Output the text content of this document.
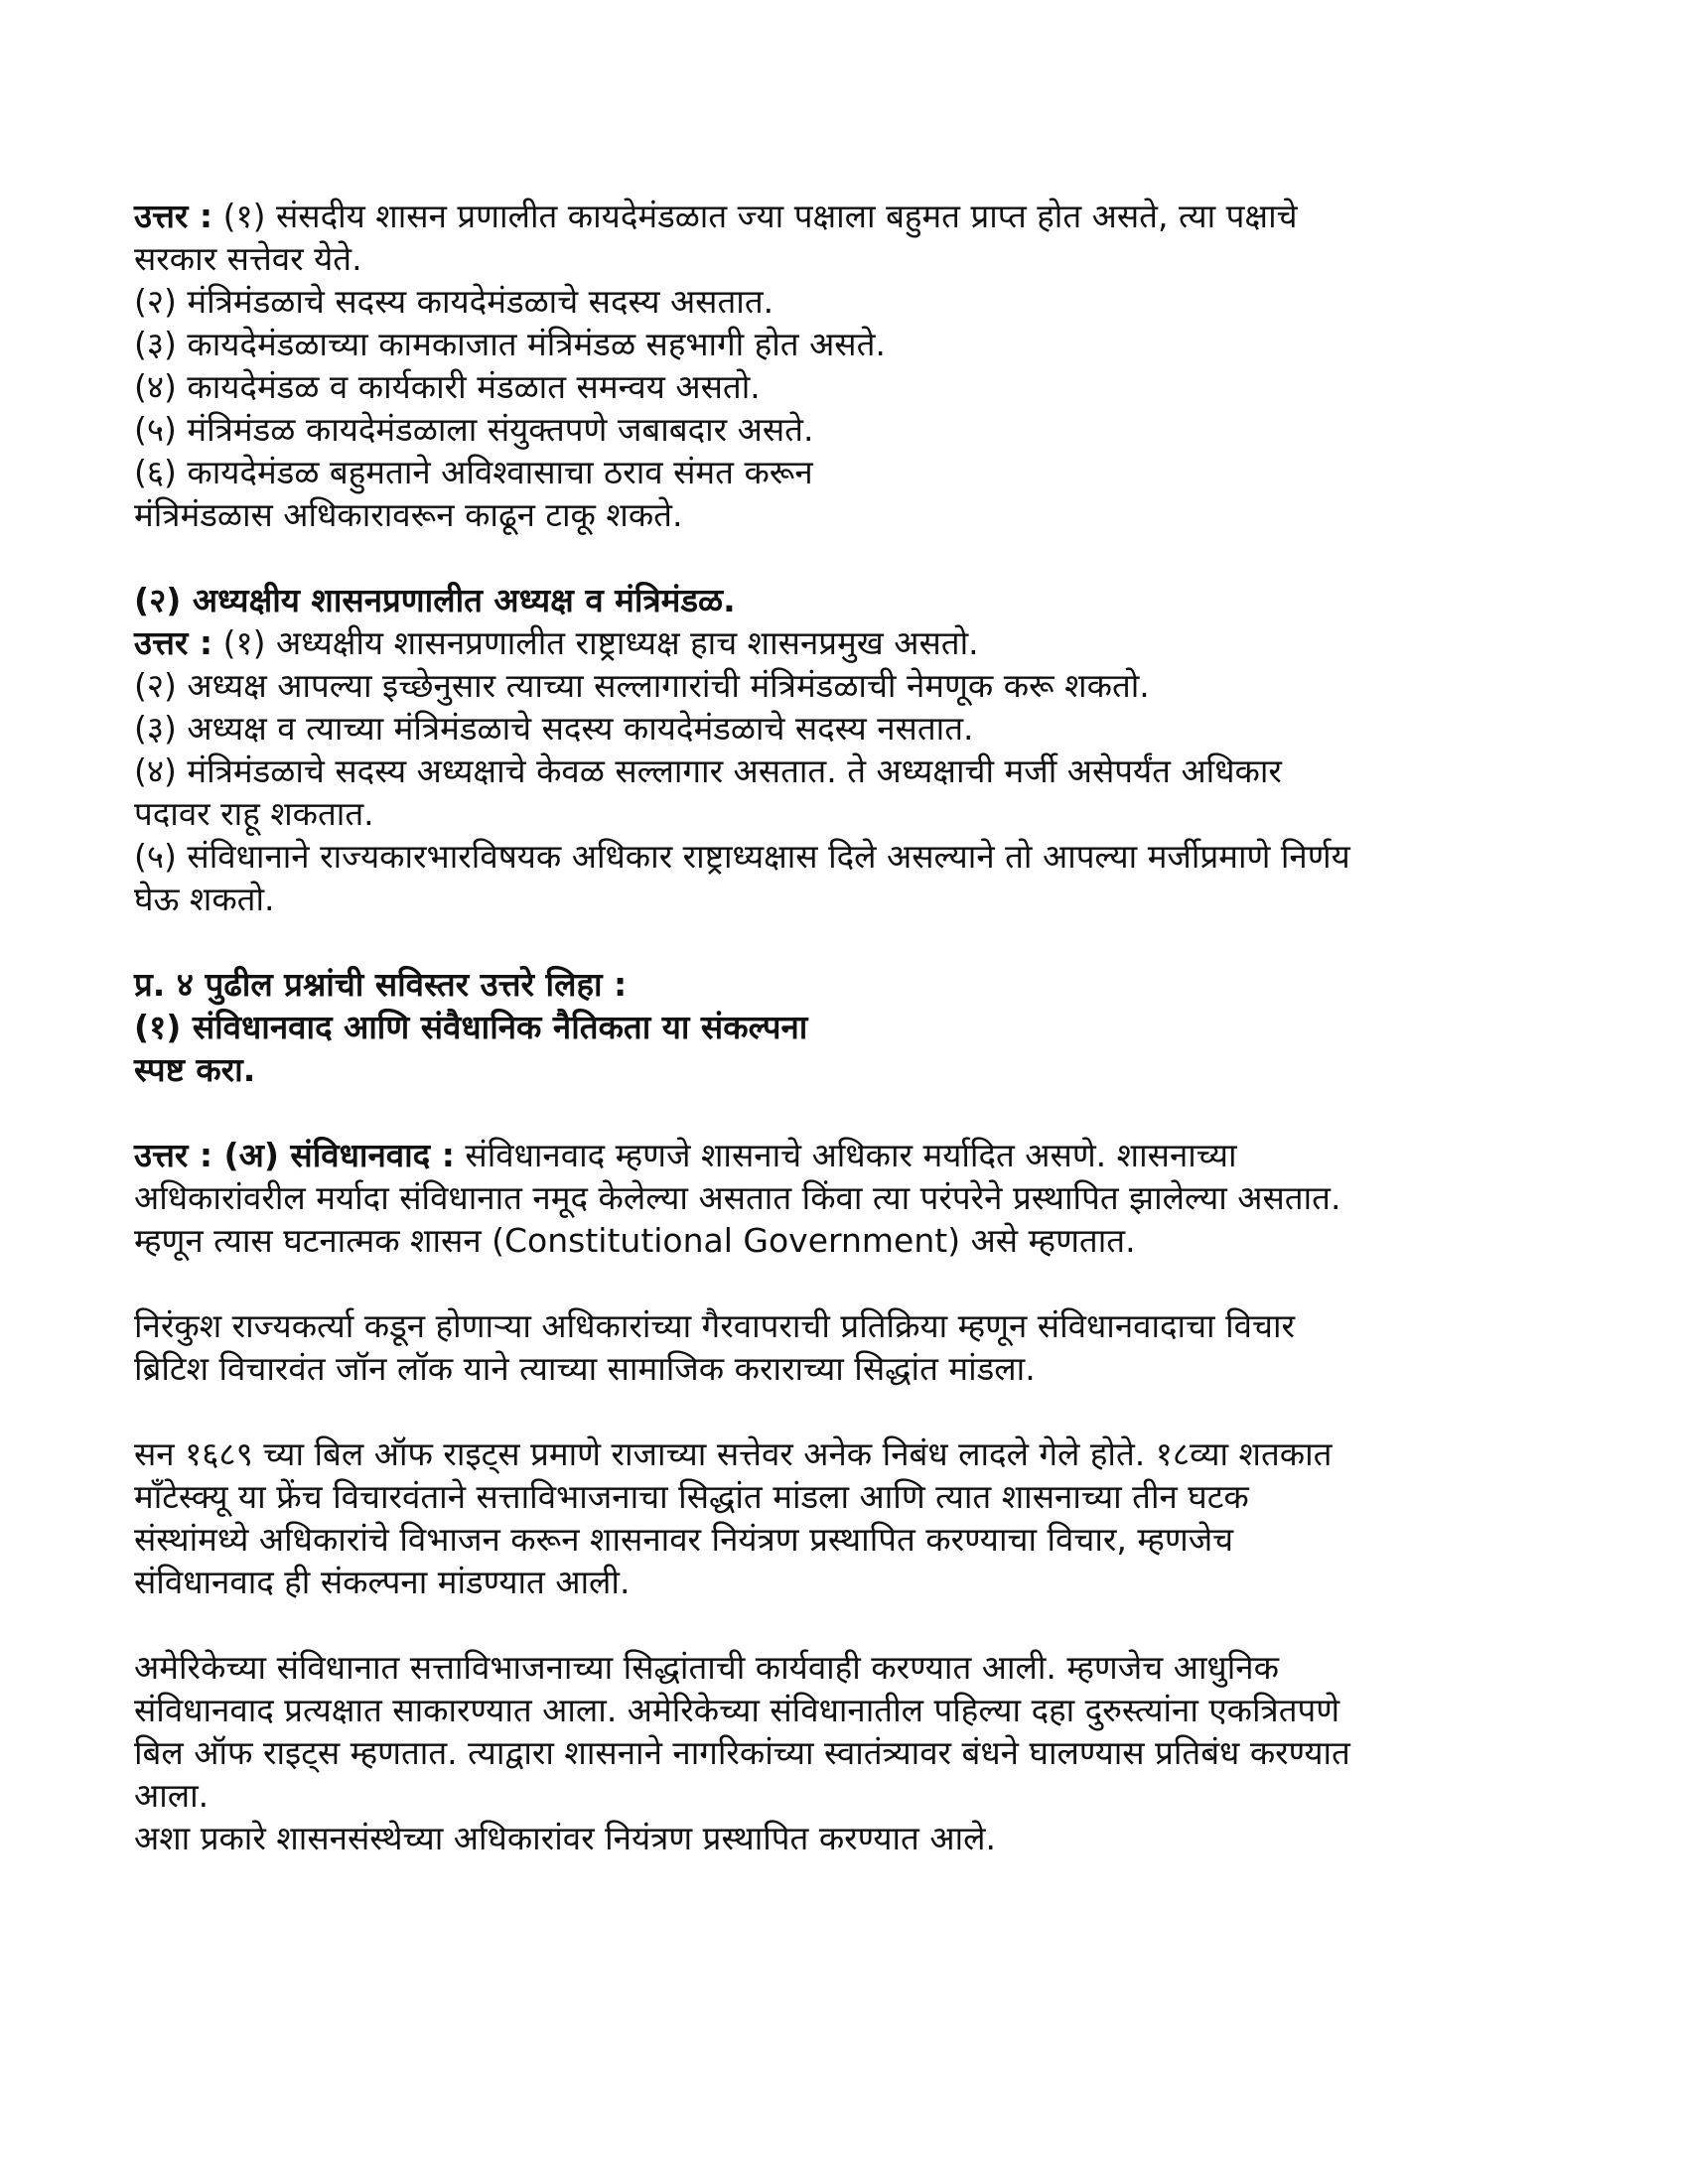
उत्तर : (१) संसदीय शासन प्रणालीत कायदेमंडळात ज्या पक्षाला बहुमत प्राप्त होत असते, त्या पक्षाचे
सरकार सत्तेवर येते.
(२) मंत्रिमंडळाचे सदस्य कायदेमंडळाचे सदस्य असतात.
(३) कायदेमंडळाच्या कामकाजात मंत्रिमंडळ सहभागी होत असते.
(४) कायदेमंडळ व कार्यकारी मंडळात समन्वय असतो.
(५) मंत्रिमंडळ कायदेमंडळाला संयुक्तपणे जबाबदार असते.
(६) कायदेमंडळ बहुमताने अविश्वासाचा ठराव संमत करून
मंत्रिमंडळास अधिकारावरून काढून टाकू शकते.
(२) अध्यक्षीय शासनप्रणालीत अध्यक्ष व मंत्रिमंडळ.
उत्तर : (१) अध्यक्षीय शासनप्रणालीत राष्ट्राध्यक्ष हाच शासनप्रमुख असतो.
(२) अध्यक्ष आपल्या इच्छेनुसार त्याच्या सल्लागारांची मंत्रिमंडळाची नेमणूक करू शकतो.
(३) अध्यक्ष व त्याच्या मंत्रिमंडळाचे सदस्य कायदेमंडळाचे सदस्य नसतात.
(४) मंत्रिमंडळाचे सदस्य अध्यक्षाचे केवळ सल्लागार असतात. ते अध्यक्षाची मर्जी असेपर्यंत अधिकार
पदावर राहू शकतात.
(५) संविधानाने राज्यकारभारविषयक अधिकार राष्ट्राध्यक्षास दिले असल्याने तो आपल्या मर्जीप्रमाणे निर्णय
घेऊ शकतो.
प्र. ४ पुढील प्रश्नांची सविस्तर उत्तरे लिहा :
(१) संविधानवाद आणि संवैधानिक नैतिकता या संकल्पना
स्पष्ट करा.
उत्तर : (अ) संविधानवाद : संविधानवाद म्हणजे शासनाचे अधिकार मर्यादित असणे. शासनाच्या
अधिकारांवरील मर्यादा संविधानात नमूद केलेल्या असतात किंवा त्या परंपरेने प्रस्थापित झालेल्या असतात.
म्हणून त्यास घटनात्मक शासन (Constitutional Government) असे म्हणतात.
निरंकुश राज्यकर्त्या कडून होणाऱ्या अधिकारांच्या गैरवापराची प्रतिक्रिया म्हणून संविधानवादाचा विचार
ब्रिटिश विचारवंत जॉन लॉक याने त्याच्या सामाजिक कराराच्या सिद्धांत मांडला.
सन १६८९ च्या बिल ऑफ राइट्स प्रमाणे राजाच्या सत्तेवर अनेक निबंध लादले गेले होते. १८व्या शतकात
मॉंटेस्क्यू या फ्रेंच विचारवंताने सत्ताविभाजनाचा सिद्धांत मांडला आणि त्यात शासनाच्या तीन घटक
संस्थांमध्ये अधिकारांचे विभाजन करून शासनावर नियंत्रण प्रस्थापित करण्याचा विचार, म्हणजेच
संविधानवाद ही संकल्पना मांडण्यात आली.
अमेरिकेच्या संविधानात सत्ताविभाजनाच्या सिद्धांताची कार्यवाही करण्यात आली. म्हणजेच आधुनिक
संविधानवाद प्रत्यक्षात साकारण्यात आला. अमेरिकेच्या संविधानातील पहिल्या दहा दुरुस्त्यांना एकत्रितपणे
बिल ऑफ राइट्स म्हणतात. त्याद्वारा शासनाने नागरिकांच्या स्वातंत्र्यावर बंधने घालण्यास प्रतिबंध करण्यात
आला.
अशा प्रकारे शासनसंस्थेच्या अधिकारांवर नियंत्रण प्रस्थापित करण्यात आले.
